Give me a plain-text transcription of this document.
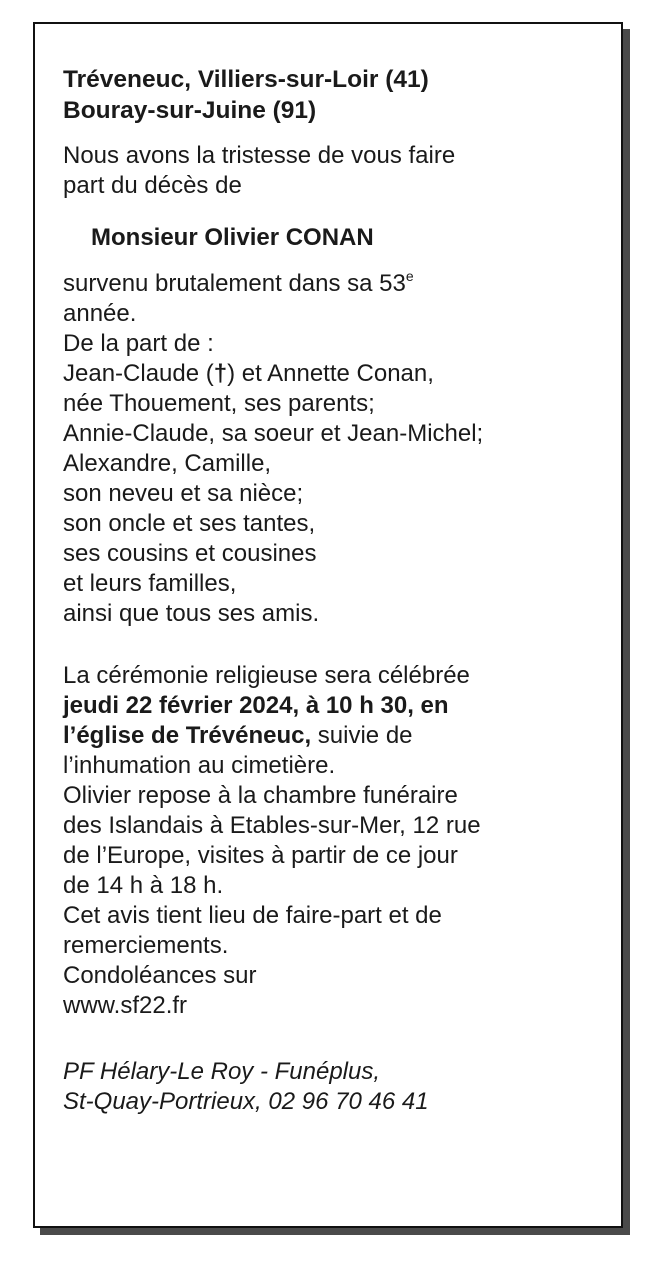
Tréveneuc, Villiers-sur-Loir (41)
Bouray-sur-Juine (91)

Nous avons la tristesse de vous faire
part du décès de

Monsieur Olivier CONAN

survenu brutalement dans sa 53e
année.

De la part de :
Jean-Claude (†) et Annette Conan,
née Thouement, ses parents;
Annie-Claude, sa soeur et Jean-Michel;
Alexandre, Camille,
son neveu et sa nièce;
son oncle et ses tantes,
ses cousins et cousines
et leurs familles,
ainsi que tous ses amis.

La cérémonie religieuse sera célébrée
jeudi 22 février 2024, à 10 h 30, en
l’église de Trévéneuc, suivie de
l’inhumation au cimetière.
Olivier repose à la chambre funéraire
des Islandais à Etables-sur-Mer, 12 rue
de l’Europe, visites à partir de ce jour
de 14 h à 18 h.
Cet avis tient lieu de faire-part et de
remerciements.
Condoléances sur
www.sf22.fr

PF Hélary-Le Roy - Funéplus,
St-Quay-Portrieux, 02 96 70 46 41
